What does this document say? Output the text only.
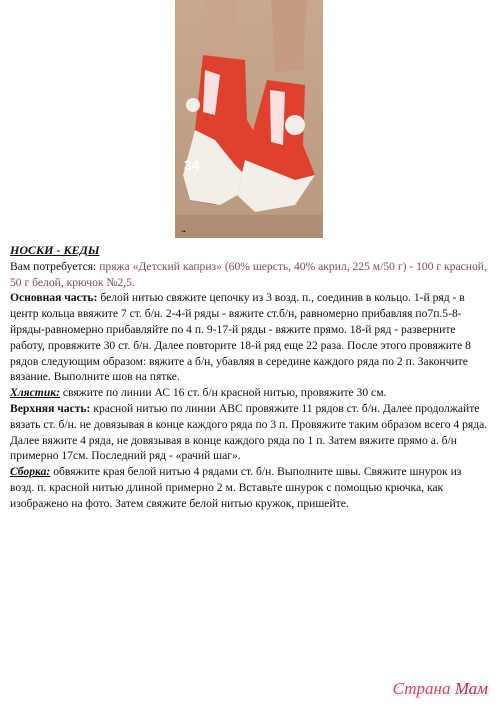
34
••

НОСКИ - КЕДЫ

Вам потребуется: пряжа «Детский каприз» (60% шерсть, 40% акрил, 225 м/50 г) - 100 г красной, 50 г белой, крючок №2,5.

Основная часть: белой нитью свяжите цепочку из 3 возд. п., соединив в кольцо. 1-й ряд - в центр кольца ввяжите 7 ст. б/н. 2-4-й ряды - вяжите ст.б/н, равномерно прибавляя по7п.5-8-йряды-равномерно прибавляйте по 4 п. 9-17-й ряды - вяжите прямо. 18-й ряд - разверните работу, провяжите 30 ст. б/н. Далее повторите 18-й ряд еще 22 раза. После этого провяжите 8 рядов следующим образом: вяжите а б/н, убавляя в середине каждого ряда по 2 п. Закончите вязание. Выполните шов на пятке.

Хлястик: свяжите по линии АС 16 ст. б/н красной нитью, провяжите 30 см.

Верхняя часть: красной нитью по линии ABC провяжите 11 рядов ст. б/н. Далее продолжайте вязать ст. б/н. не довязывая в конце каждого ряда по 3 п. Провяжите таким образом всего 4 ряда. Далее вяжите 4 ряда, не довязывая в конце каждого ряда по 1 п. Затем вяжите прямо а. б/н примерно 17см. Последний ряд - «рачий шаг».

Сборка: обвяжите края белой нитью 4 рядами ст. б/н. Выполните швы. Свяжите шнурок из возд. п. красной нитью длиной примерно 2 м. Вставьте шнурок с помощью крючка, как изображено на фото. Затем свяжите белой нитью кружок, пришейте.

Страна Мам
